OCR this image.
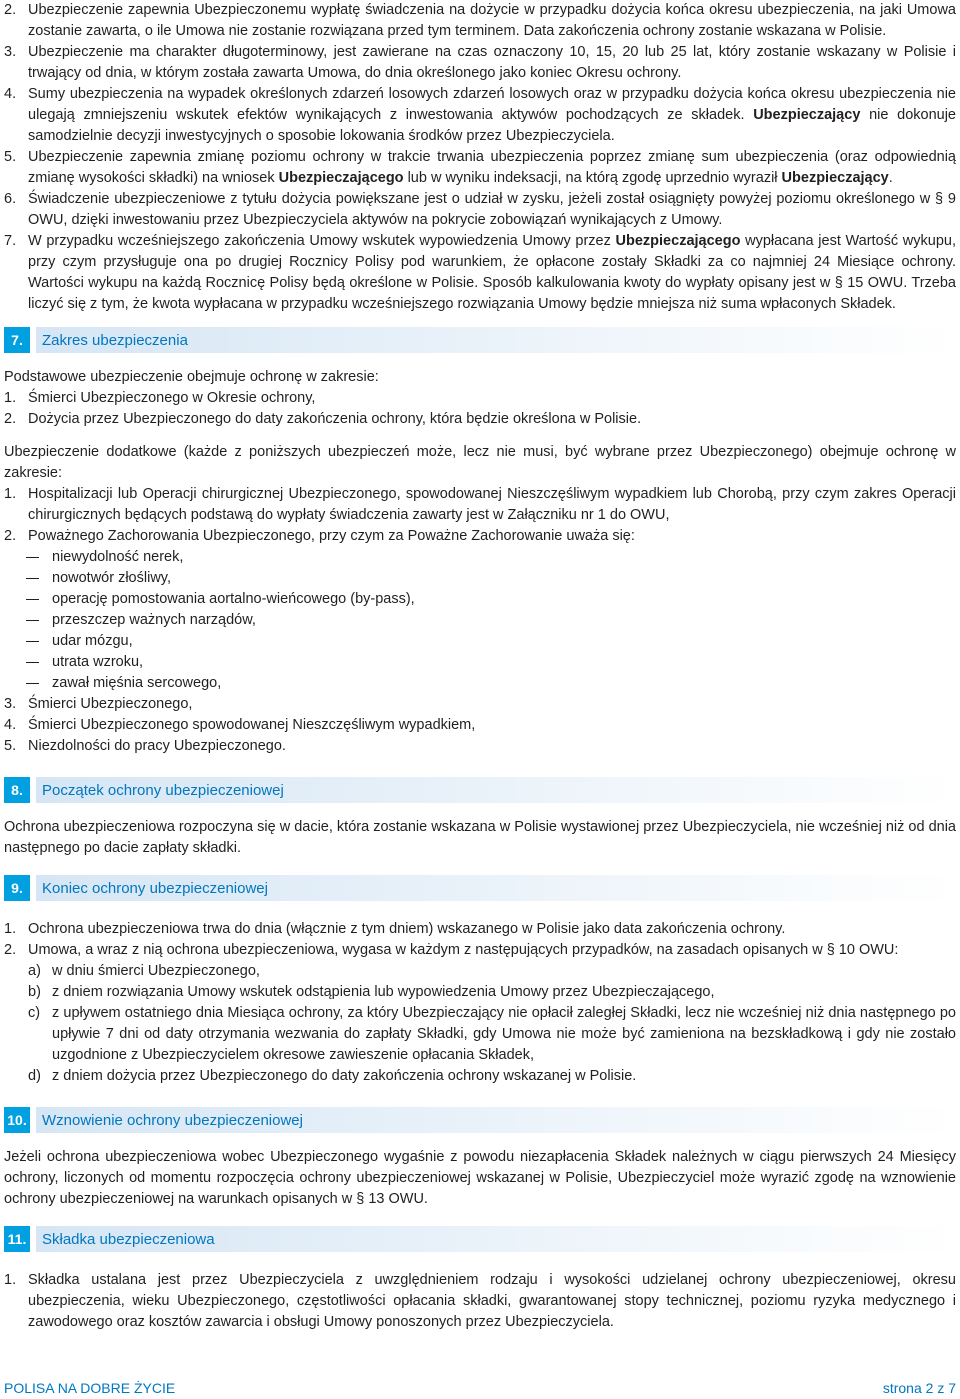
2. Ubezpieczenie zapewnia Ubezpieczonemu wypłatę świadczenia na dożycie w przypadku dożycia końca okresu ubezpieczenia, na jaki Umowa zostanie zawarta, o ile Umowa nie zostanie rozwiązana przed tym terminem. Data zakończenia ochrony zostanie wskazana w Polisie.
3. Ubezpieczenie ma charakter długoterminowy, jest zawierane na czas oznaczony 10, 15, 20 lub 25 lat, który zostanie wskazany w Polisie i trwający od dnia, w którym została zawarta Umowa, do dnia określonego jako koniec Okresu ochrony.
4. Sumy ubezpieczenia na wypadek określonych zdarzeń losowych zdarzeń losowych oraz w przypadku dożycia końca okresu ubezpieczenia nie ulegają zmniejszeniu wskutek efektów wynikających z inwestowania aktywów pochodzących ze składek. Ubezpieczający nie dokonuje samodzielnie decyzji inwestycyjnych o sposobie lokowania środków przez Ubezpieczyciela.
5. Ubezpieczenie zapewnia zmianę poziomu ochrony w trakcie trwania ubezpieczenia poprzez zmianę sum ubezpieczenia (oraz odpowiednią zmianę wysokości składki) na wniosek Ubezpieczającego lub w wyniku indeksacji, na którą zgodę uprzednio wyraził Ubezpieczający.
6. Świadczenie ubezpieczeniowe z tytułu dożycia powiększane jest o udział w zysku, jeżeli został osiągnięty powyżej poziomu określonego w § 9 OWU, dzięki inwestowaniu przez Ubezpieczyciela aktywów na pokrycie zobowiązań wynikających z Umowy.
7. W przypadku wcześniejszego zakończenia Umowy wskutek wypowiedzenia Umowy przez Ubezpieczającego wypłacana jest Wartość wykupu, przy czym przysługuje ona po drugiej Rocznicy Polisy pod warunkiem, że opłacone zostały Składki za co najmniej 24 Miesiące ochrony. Wartości wykupu na każdą Rocznicę Polisy będą określone w Polisie. Sposób kalkulowania kwoty do wypłaty opisany jest w § 15 OWU. Trzeba liczyć się z tym, że kwota wypłacana w przypadku wcześniejszego rozwiązania Umowy będzie mniejsza niż suma wpłaconych Składek.
7.	Zakres ubezpieczenia
Podstawowe ubezpieczenie obejmuje ochronę w zakresie:
1. Śmierci Ubezpieczonego w Okresie ochrony,
2. Dożycia przez Ubezpieczonego do daty zakończenia ochrony, która będzie określona w Polisie.
Ubezpieczenie dodatkowe (każde z poniższych ubezpieczeń może, lecz nie musi, być wybrane przez Ubezpieczonego) obejmuje ochronę w zakresie:
1. Hospitalizacji lub Operacji chirurgicznej Ubezpieczonego, spowodowanej Nieszczęśliwym wypadkiem lub Chorobą, przy czym zakres Operacji chirurgicznych będących podstawą do wypłaty świadczenia zawarty jest w Załączniku nr 1 do OWU,
2. Poważnego Zachorowania Ubezpieczonego, przy czym za Poważne Zachorowanie uważa się:
niewydolność nerek,
nowotwór złośliwy,
operację pomostowania aortalno-wieńcowego (by-pass),
przeszczep ważnych narządów,
udar mózgu,
utrata wzroku,
zawał mięśnia sercowego,
3. Śmierci Ubezpieczonego,
4. Śmierci Ubezpieczonego spowodowanej Nieszczęśliwym wypadkiem,
5. Niezdolności do pracy Ubezpieczonego.
8.	Początek ochrony ubezpieczeniowej
Ochrona ubezpieczeniowa rozpoczyna się w dacie, która zostanie wskazana w Polisie wystawionej przez Ubezpieczyciela, nie wcześniej niż od dnia następnego po dacie zapłaty składki.
9.	Koniec ochrony ubezpieczeniowej
1. Ochrona ubezpieczeniowa trwa do dnia (włącznie z tym dniem) wskazanego w Polisie jako data zakończenia ochrony.
2. Umowa, a wraz z nią ochrona ubezpieczeniowa, wygasa w każdym z następujących przypadków, na zasadach opisanych w § 10 OWU:
a) w dniu śmierci Ubezpieczonego,
b) z dniem rozwiązania Umowy wskutek odstąpienia lub wypowiedzenia Umowy przez Ubezpieczającego,
c) z upływem ostatniego dnia Miesiąca ochrony, za który Ubezpieczający nie opłacił zaległej Składki, lecz nie wcześniej niż dnia następnego po upływie 7 dni od daty otrzymania wezwania do zapłaty Składki, gdy Umowa nie może być zamieniona na bezskładkową i gdy nie zostało uzgodnione z Ubezpieczycielem okresowe zawieszenie opłacania Składek,
d) z dniem dożycia przez Ubezpieczonego do daty zakończenia ochrony wskazanej w Polisie.
10. Wznowienie ochrony ubezpieczeniowej
Jeżeli ochrona ubezpieczeniowa wobec Ubezpieczonego wygaśnie z powodu niezapłacenia Składek należnych w ciągu pierwszych 24 Miesięcy ochrony, liczonych od momentu rozpoczęcia ochrony ubezpieczeniowej wskazanej w Polisie, Ubezpieczyciel może wyrazić zgodę na wznowienie ochrony ubezpieczeniowej na warunkach opisanych w § 13 OWU.
11. Składka ubezpieczeniowa
1. Składka ustalana jest przez Ubezpieczyciela z uwzględnieniem rodzaju i wysokości udzielanej ochrony ubezpieczeniowej, okresu ubezpieczenia, wieku Ubezpieczonego, częstotliwości opłacania składki, gwarantowanej stopy technicznej, poziomu ryzyka medycznego i zawodowego oraz kosztów zawarcia i obsługi Umowy ponoszonych przez Ubezpieczyciela.
POLISA NA DOBRE ŻYCIE	strona 2 z 7
